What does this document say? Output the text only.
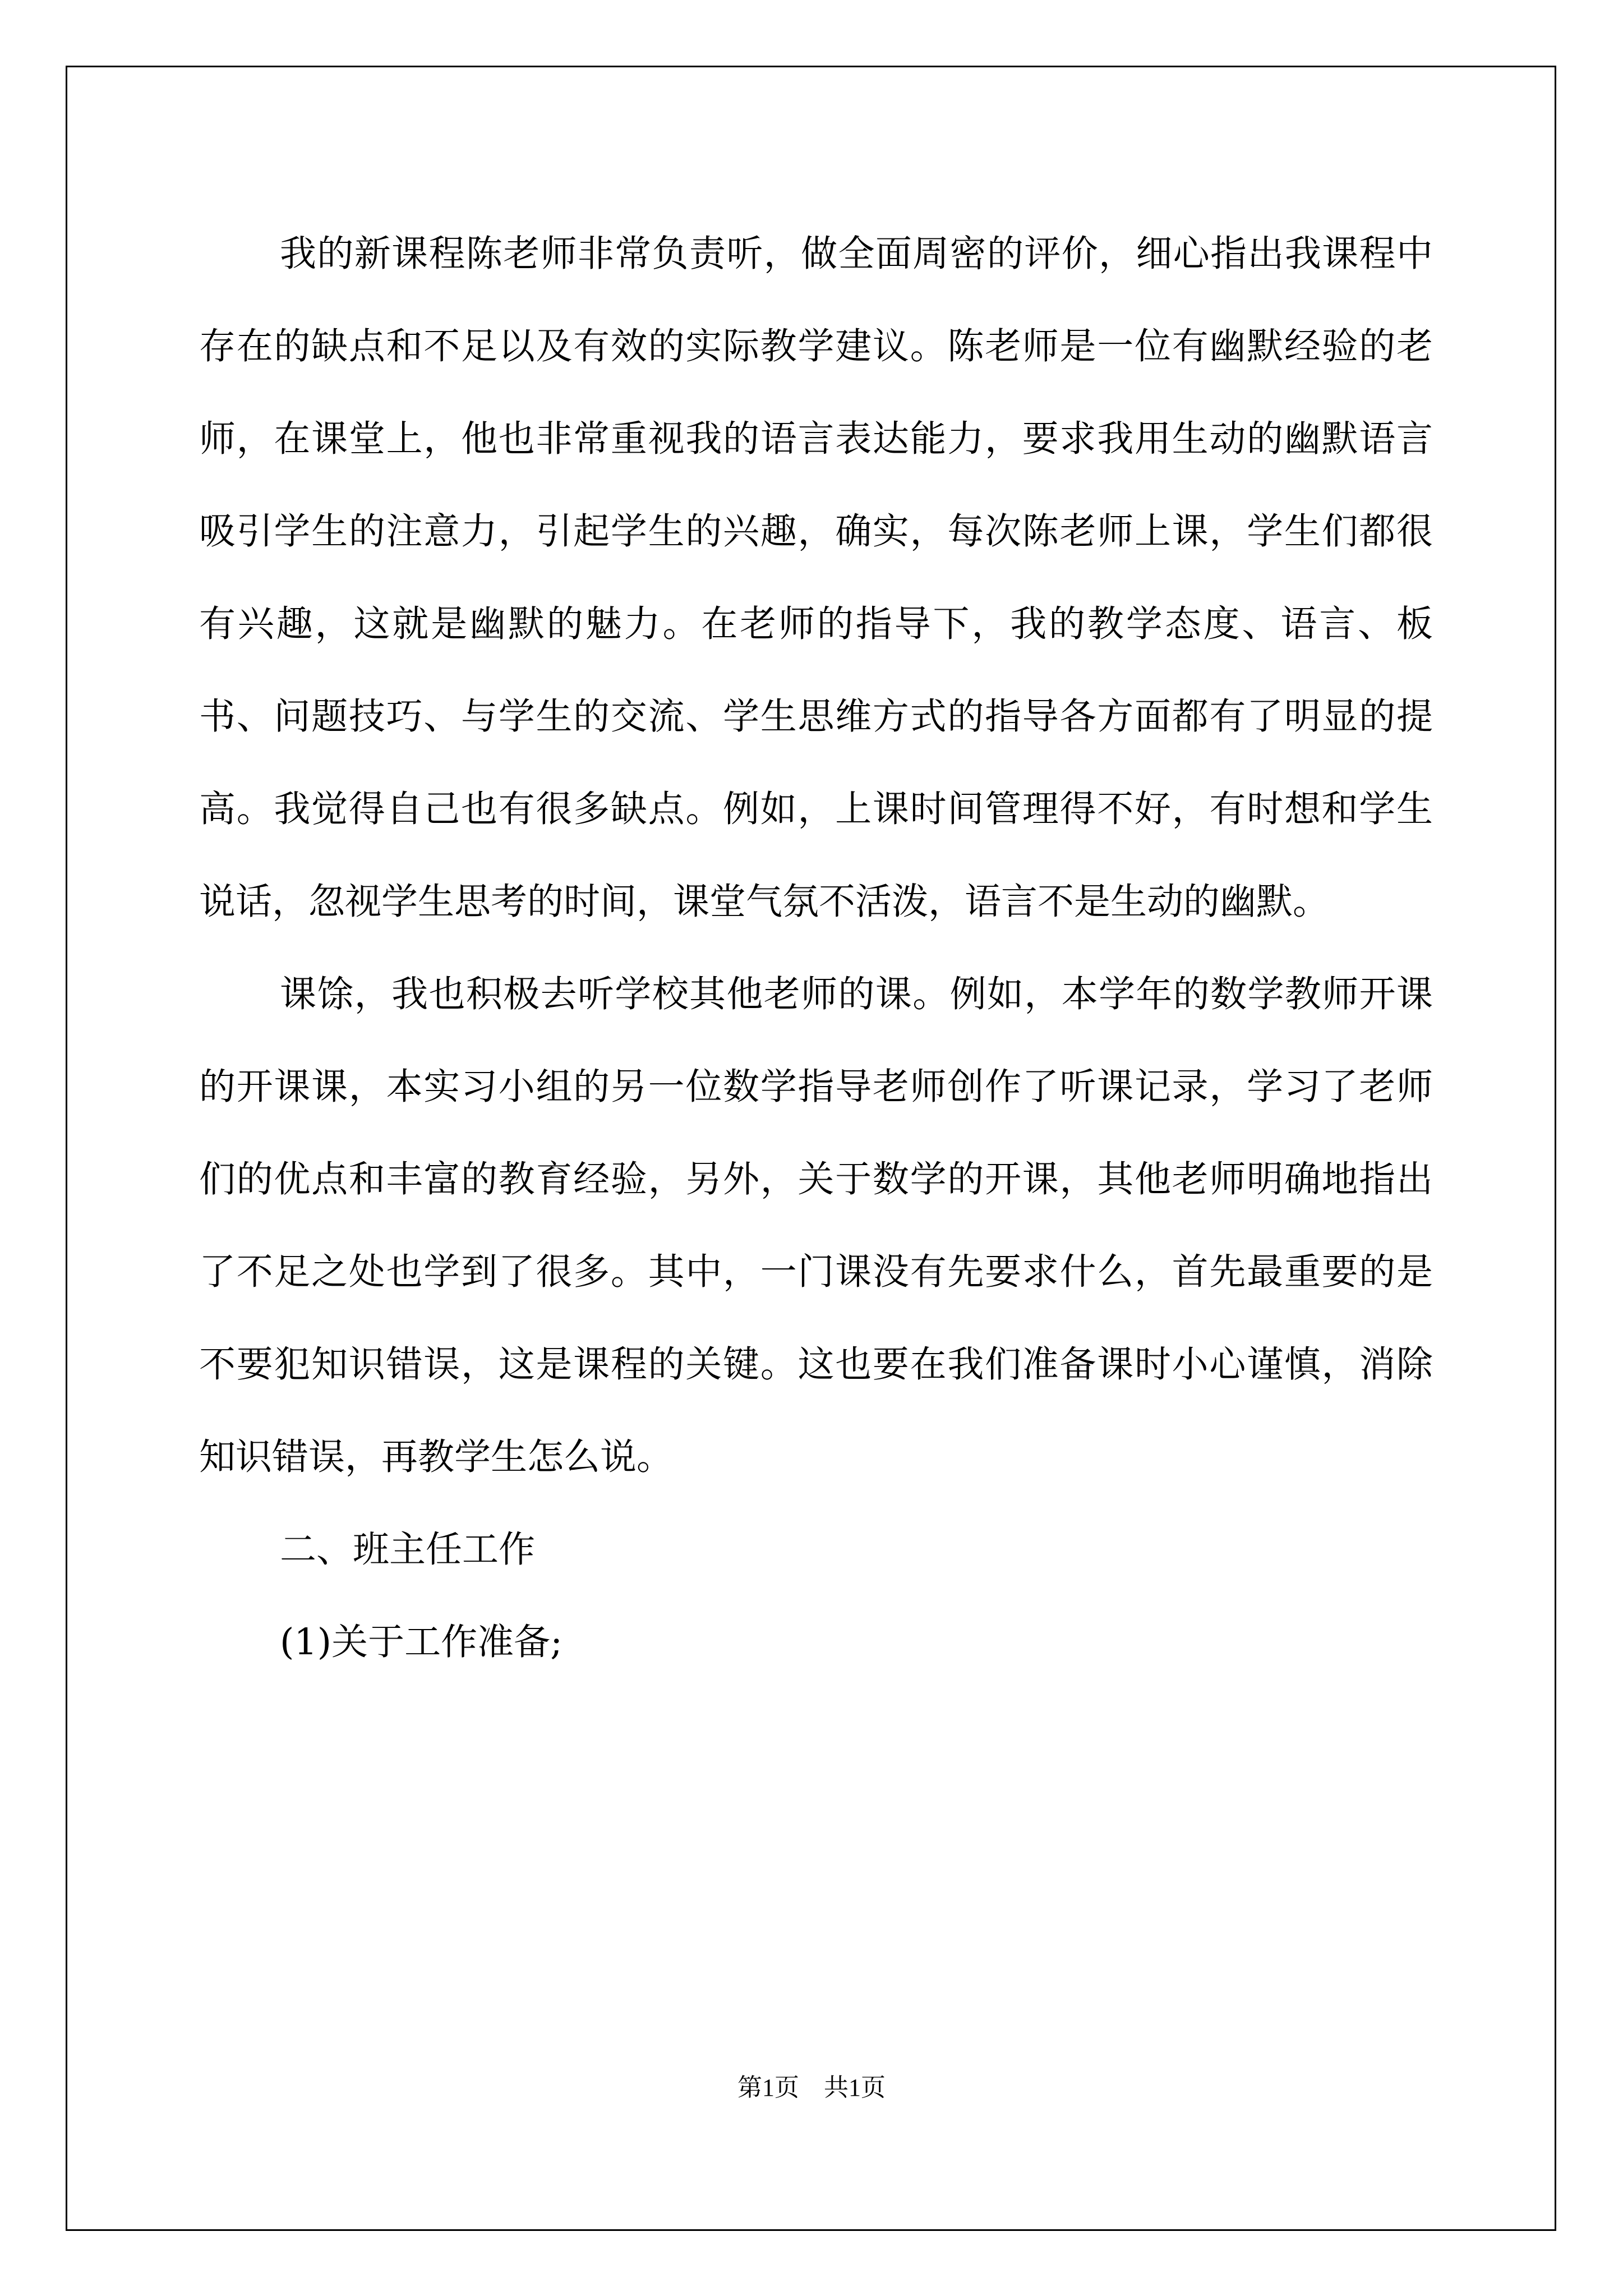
我的新课程陈老师非常负责听，做全面周密的评价，细心指出我课程中存在的缺点和不足以及有效的实际教学建议。陈老师是一位有幽默经验的老师，在课堂上，他也非常重视我的语言表达能力，要求我用生动的幽默语言吸引学生的注意力，引起学生的兴趣，确实，每次陈老师上课，学生们都很有兴趣，这就是幽默的魅力。在老师的指导下，我的教学态度、语言、板书、问题技巧、与学生的交流、学生思维方式的指导各方面都有了明显的提高。我觉得自己也有很多缺点。例如，上课时间管理得不好，有时想和学生说话，忽视学生思考的时间，课堂气氛不活泼，语言不是生动的幽默。

课馀，我也积极去听学校其他老师的课。例如，本学年的数学教师开课的开课课，本实习小组的另一位数学指导老师创作了听课记录，学习了老师们的优点和丰富的教育经验，另外，关于数学的开课，其他老师明确地指出了不足之处也学到了很多。其中，一门课没有先要求什么，首先最重要的是不要犯知识错误，这是课程的关键。这也要在我们准备课时小心谨慎，消除知识错误，再教学生怎么说。

二、班主任工作

(1)关于工作准备;

第1页 共1页
